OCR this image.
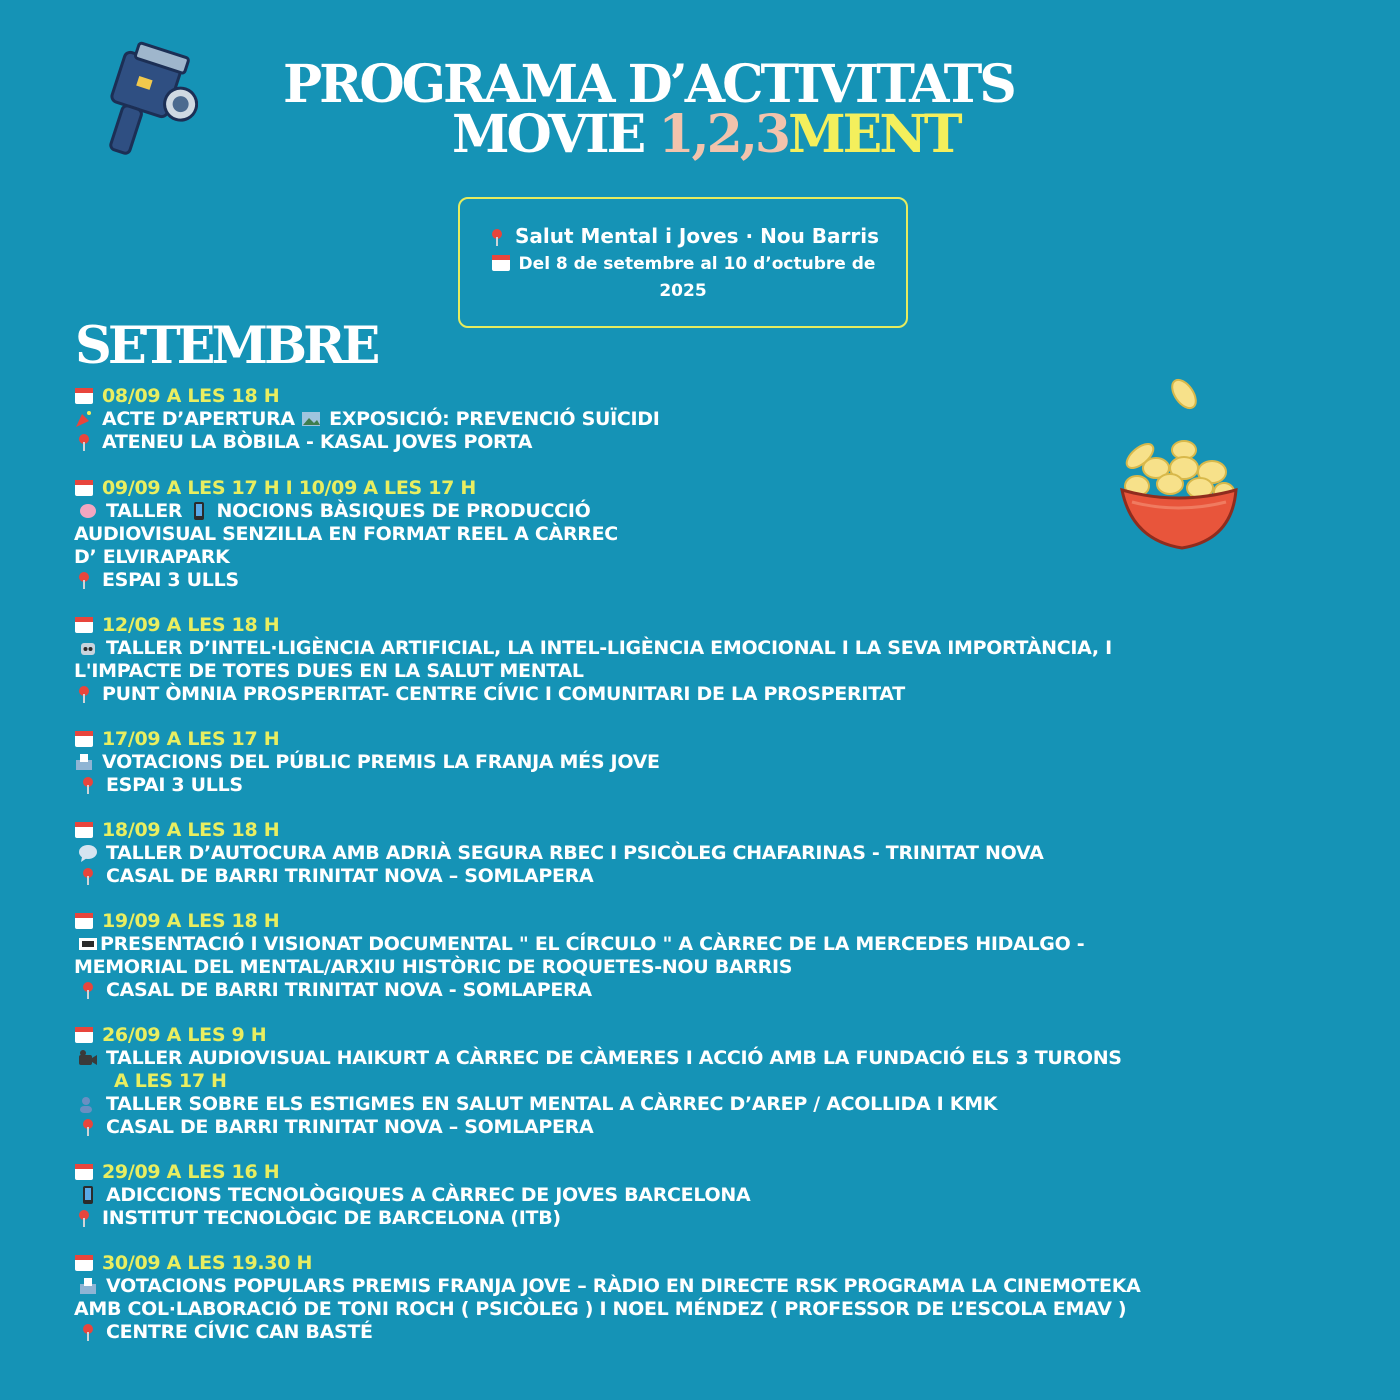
PROGRAMA D’ACTIVITATS
MOVIE 1,2,3MENT
Salut Mental i Joves · Nou Barris
Del 8 de setembre al 10 d’octubre de 2025
SETEMBRE
08/09 A LES 18 H
ACTE D’APERTURA EXPOSICIÓ: PREVENCIÓ SUÏCIDI
ATENEU LA BÒBILA - KASAL JOVES PORTA
09/09 A LES 17 H I 10/09 A LES 17 H
TALLER NOCIONS BÀSIQUES DE PRODUCCIÓ
AUDIOVISUAL SENZILLA EN FORMAT REEL A CÀRREC
D’ ELVIRAPARK
ESPAI 3 ULLS
12/09 A LES 18 H
TALLER D’INTEL·LIGÈNCIA ARTIFICIAL, LA INTEL-LIGÈNCIA EMOCIONAL I LA SEVA IMPORTÀNCIA, I
L'IMPACTE DE TOTES DUES EN LA SALUT MENTAL
PUNT ÒMNIA PROSPERITAT- CENTRE CÍVIC I COMUNITARI DE LA PROSPERITAT
17/09 A LES 17 H
VOTACIONS DEL PÚBLIC PREMIS LA FRANJA MÉS JOVE
ESPAI 3 ULLS
18/09 A LES 18 H
TALLER D’AUTOCURA AMB ADRIÀ SEGURA RBEC I PSICÒLEG CHAFARINAS - TRINITAT NOVA
CASAL DE BARRI TRINITAT NOVA – SOMLAPERA
19/09 A LES 18 H
PRESENTACIÓ I VISIONAT DOCUMENTAL " EL CÍRCULO " A CÀRREC DE LA MERCEDES HIDALGO -
MEMORIAL DEL MENTAL/ARXIU HISTÒRIC DE ROQUETES-NOU BARRIS
CASAL DE BARRI TRINITAT NOVA - SOMLAPERA
26/09 A LES 9 H
TALLER AUDIOVISUAL HAIKURT A CÀRREC DE CÀMERES I ACCIÓ AMB LA FUNDACIÓ ELS 3 TURONS
A LES 17 H
TALLER SOBRE ELS ESTIGMES EN SALUT MENTAL A CÀRREC D’AREP / ACOLLIDA I KMK
CASAL DE BARRI TRINITAT NOVA – SOMLAPERA
29/09 A LES 16 H
ADICCIONS TECNOLÒGIQUES A CÀRREC DE JOVES BARCELONA
INSTITUT TECNOLÒGIC DE BARCELONA (ITB)
30/09 A LES 19.30 H
VOTACIONS POPULARS PREMIS FRANJA JOVE – RÀDIO EN DIRECTE RSK PROGRAMA LA CINEMOTEKA
AMB COL·LABORACIÓ DE TONI ROCH ( PSICÒLEG ) I NOEL MÉNDEZ ( PROFESSOR DE L’ESCOLA EMAV )
CENTRE CÍVIC CAN BASTÉ
